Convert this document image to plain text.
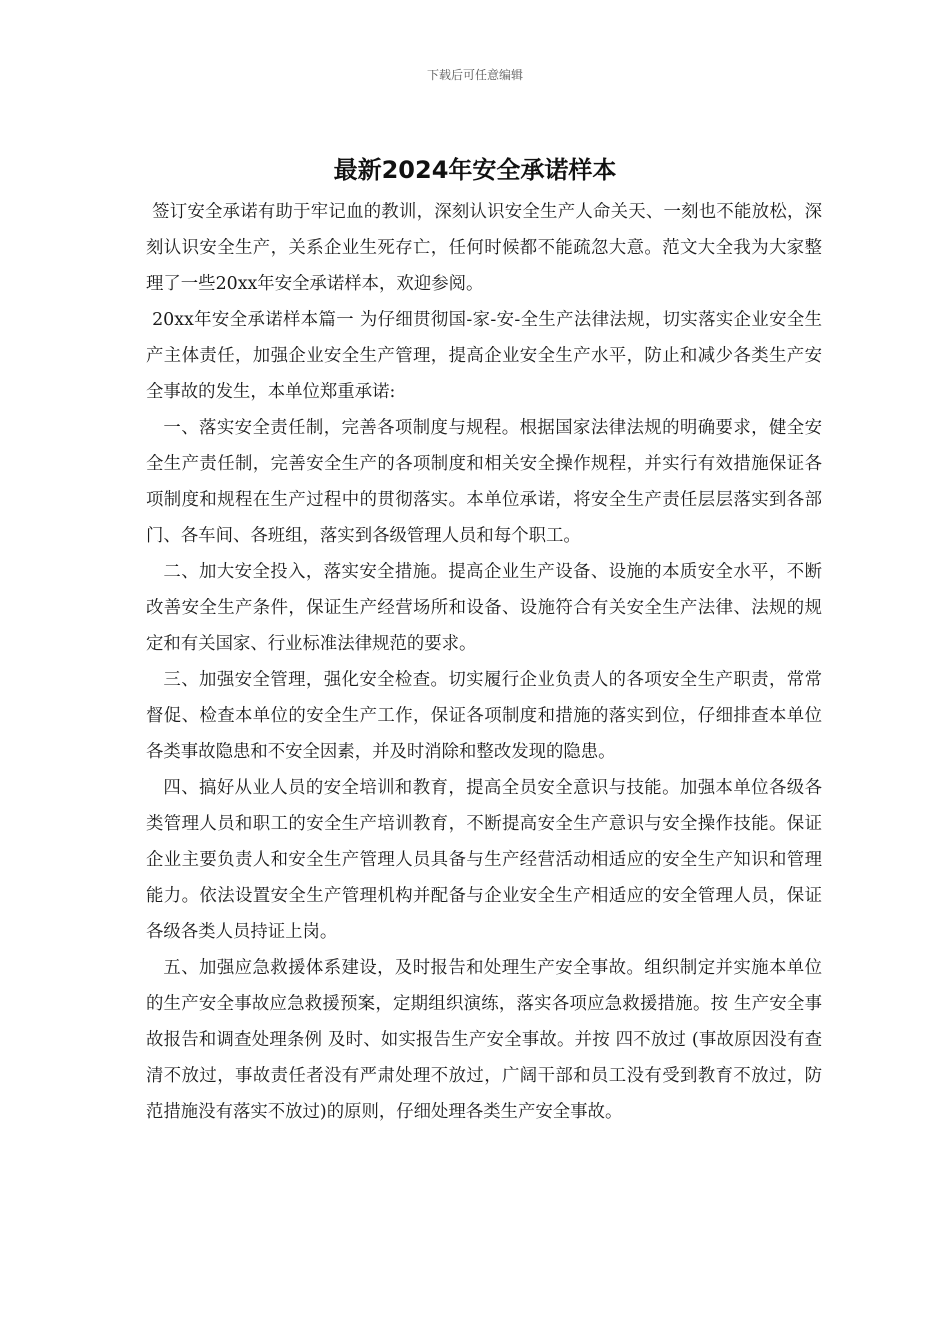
下载后可任意编辑
最新2024年安全承诺样本

签订安全承诺有助于牢记血的教训，深刻认识安全生产人命关天、一刻也不能放松，深刻认识安全生产，关系企业生死存亡，任何时候都不能疏忽大意。范文大全我为大家整理了一些20xx年安全承诺样本，欢迎参阅。

20xx年安全承诺样本篇一 为仔细贯彻国-家-安-全生产法律法规，切实落实企业安全生产主体责任，加强企业安全生产管理，提高企业安全生产水平，防止和减少各类生产安全事故的发生，本单位郑重承诺:

一、落实安全责任制，完善各项制度与规程。根据国家法律法规的明确要求，健全安全生产责任制，完善安全生产的各项制度和相关安全操作规程，并实行有效措施保证各项制度和规程在生产过程中的贯彻落实。本单位承诺，将安全生产责任层层落实到各部门、各车间、各班组，落实到各级管理人员和每个职工。

二、加大安全投入，落实安全措施。提高企业生产设备、设施的本质安全水平，不断改善安全生产条件，保证生产经营场所和设备、设施符合有关安全生产法律、法规的规定和有关国家、行业标准法律规范的要求。

三、加强安全管理，强化安全检查。切实履行企业负责人的各项安全生产职责，常常督促、检查本单位的安全生产工作，保证各项制度和措施的落实到位，仔细排查本单位各类事故隐患和不安全因素，并及时消除和整改发现的隐患。

四、搞好从业人员的安全培训和教育，提高全员安全意识与技能。加强本单位各级各类管理人员和职工的安全生产培训教育，不断提高安全生产意识与安全操作技能。保证企业主要负责人和安全生产管理人员具备与生产经营活动相适应的安全生产知识和管理能力。依法设置安全生产管理机构并配备与企业安全生产相适应的安全管理人员，保证各级各类人员持证上岗。

五、加强应急救援体系建设，及时报告和处理生产安全事故。组织制定并实施本单位的生产安全事故应急救援预案，定期组织演练，落实各项应急救援措施。按 生产安全事故报告和调查处理条例 及时、如实报告生产安全事故。并按 四不放过 (事故原因没有查清不放过，事故责任者没有严肃处理不放过，广阔干部和员工没有受到教育不放过，防范措施没有落实不放过)的原则，仔细处理各类生产安全事故。
